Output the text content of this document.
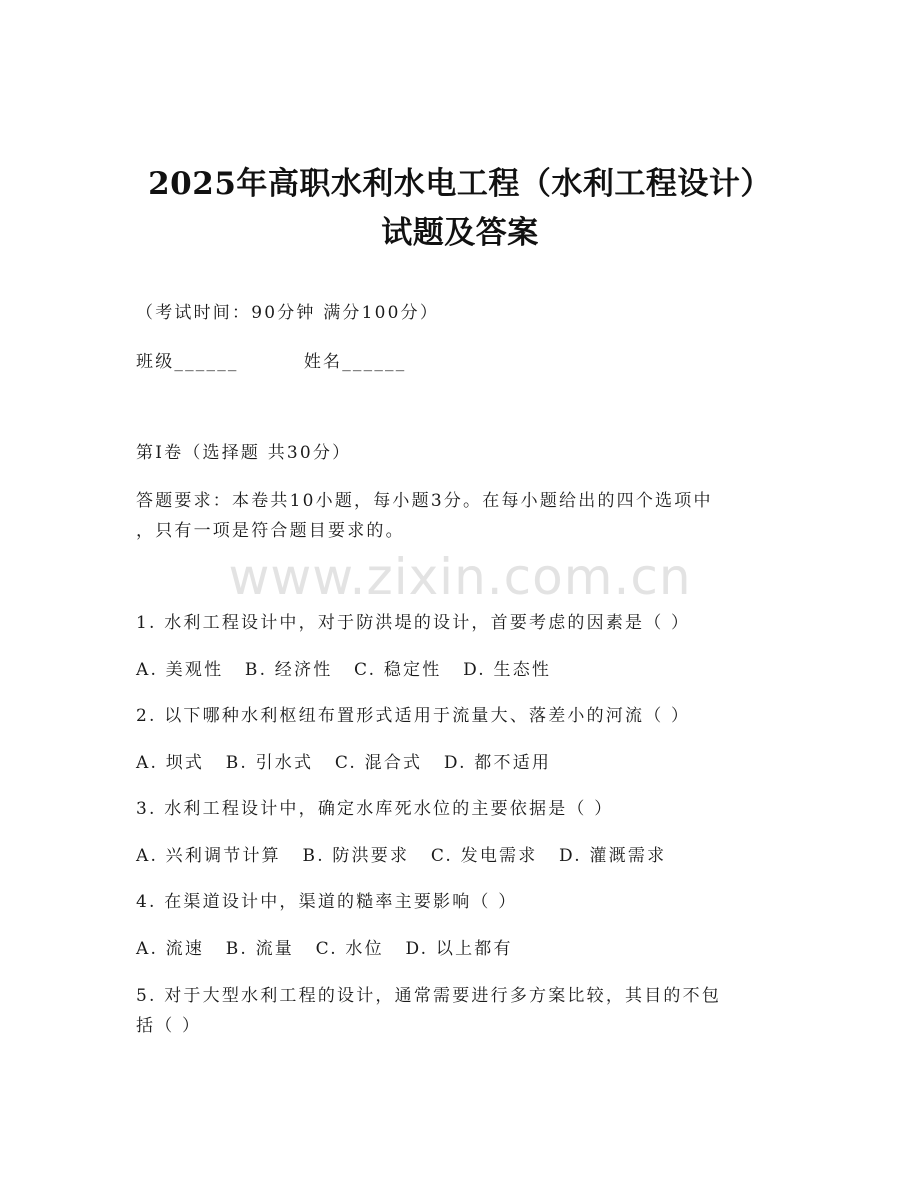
2025年高职水利水电工程（水利工程设计）
试题及答案
（考试时间：90分钟 满分100分）
班级______	姓名______
第I卷（选择题 共30分）
答题要求：本卷共10小题，每小题3分。在每小题给出的四个选项中
，只有一项是符合题目要求的。
www.zixin.com.cn
1. 水利工程设计中，对于防洪堤的设计，首要考虑的因素是（ ）
A. 美观性 B. 经济性 C. 稳定性 D. 生态性
2. 以下哪种水利枢纽布置形式适用于流量大、落差小的河流（ ）
A. 坝式 B. 引水式 C. 混合式 D. 都不适用
3. 水利工程设计中，确定水库死水位的主要依据是（ ）
A. 兴利调节计算 B. 防洪要求 C. 发电需求 D. 灌溉需求
4. 在渠道设计中，渠道的糙率主要影响（ ）
A. 流速 B. 流量 C. 水位 D. 以上都有
5. 对于大型水利工程的设计，通常需要进行多方案比较，其目的不包
括（ ）
